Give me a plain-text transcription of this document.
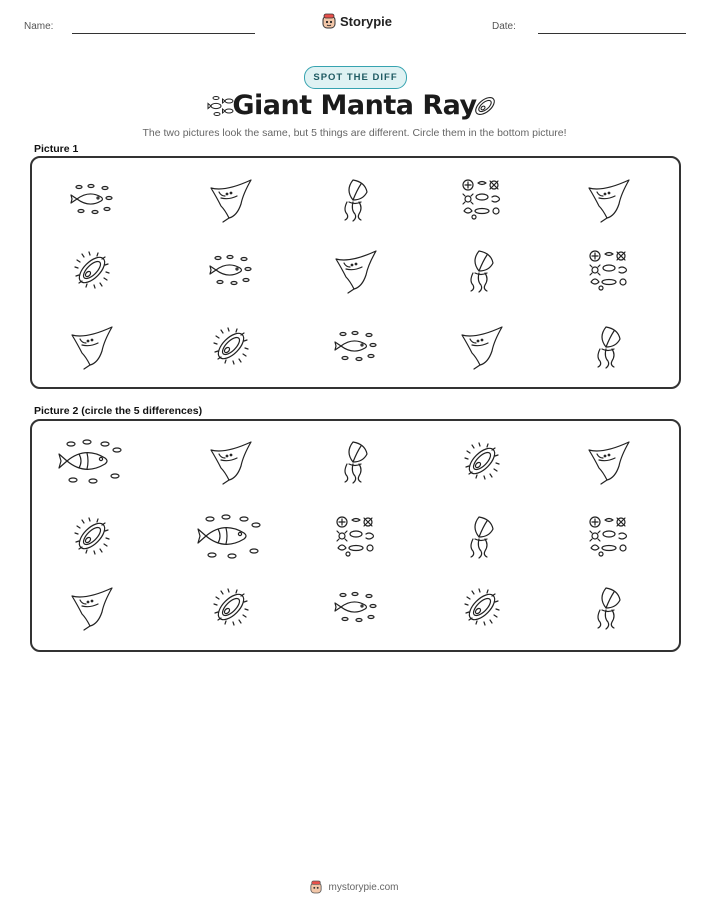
Name:	Storypie	Date:
SPOT THE DIFF
Giant Manta Ray
The two pictures look the same, but 5 things are different. Circle them in the bottom picture!
Picture 1
Picture 2 (circle the 5 differences)
mystorypie.com
